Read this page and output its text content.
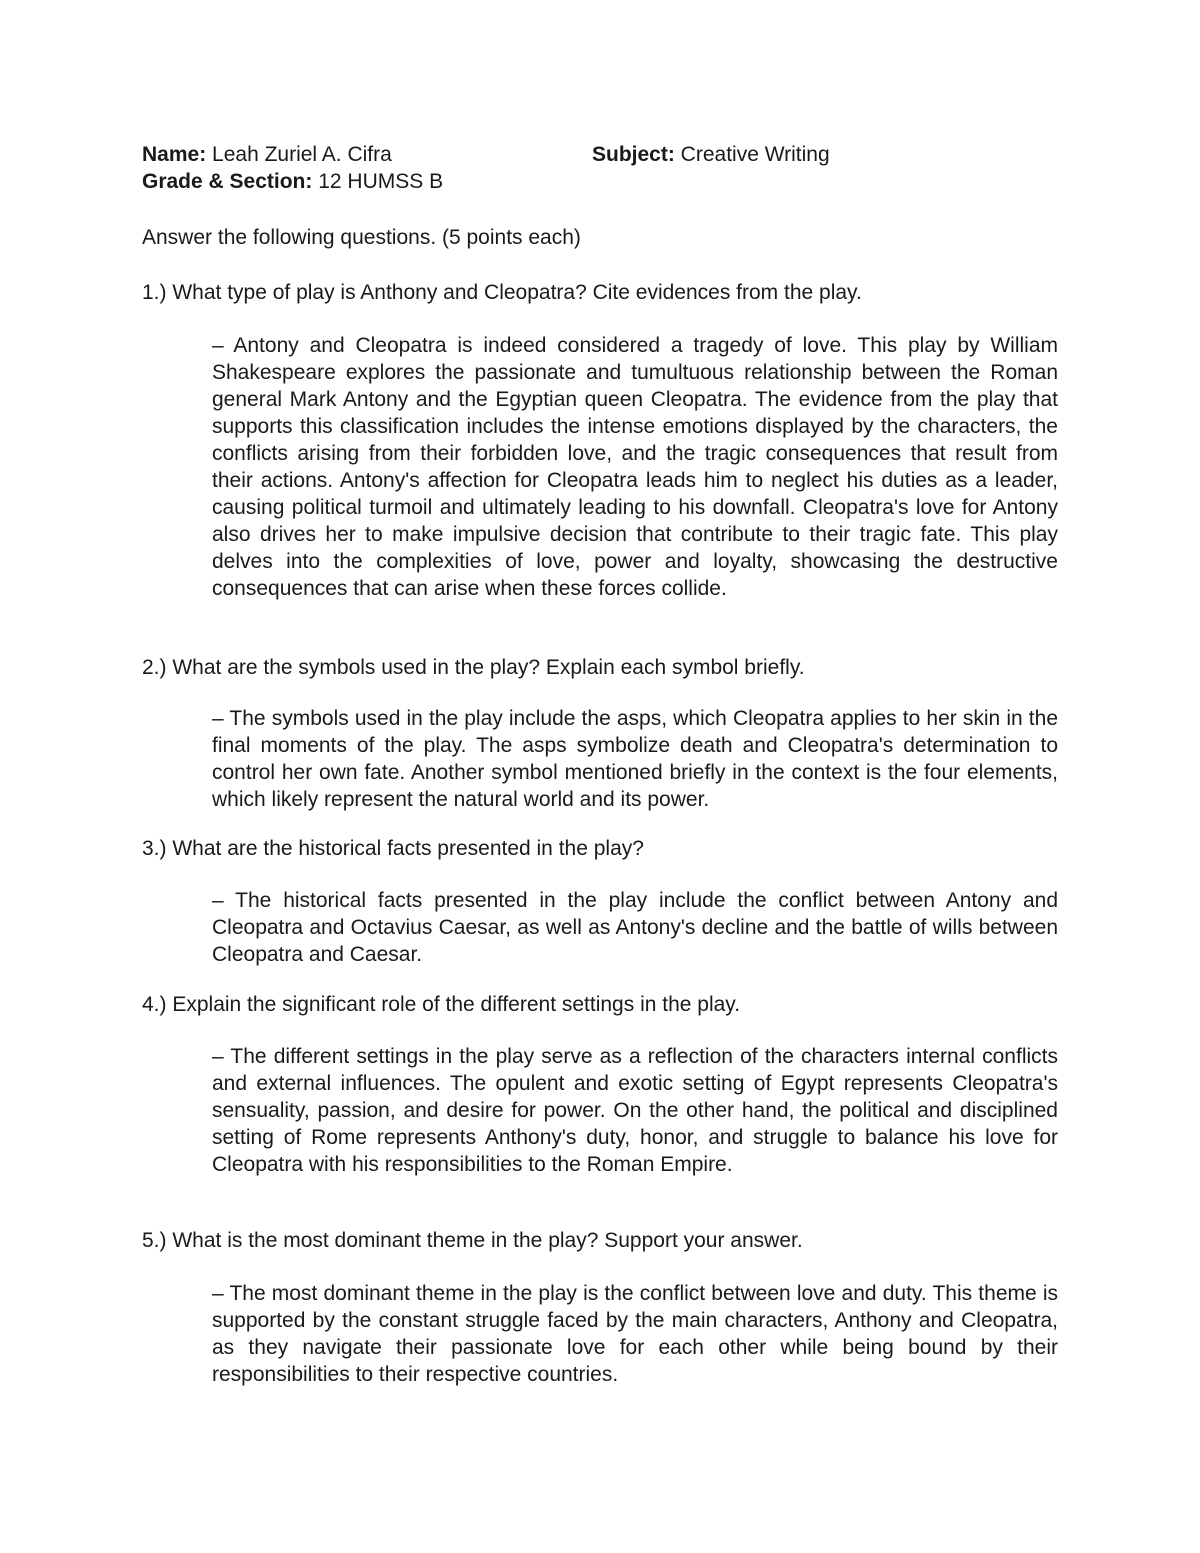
Name: Leah Zuriel A. Cifra	Subject: Creative Writing
Grade & Section: 12 HUMSS B
Answer the following questions. (5 points each)
1.) What type of play is Anthony and Cleopatra? Cite evidences from the play.
– Antony and Cleopatra is indeed considered a tragedy of love. This play by William Shakespeare explores the passionate and tumultuous relationship between the Roman general Mark Antony and the Egyptian queen Cleopatra. The evidence from the play that supports this classification includes the intense emotions displayed by the characters, the conflicts arising from their forbidden love, and the tragic consequences that result from their actions. Antony's affection for Cleopatra leads him to neglect his duties as a leader, causing political turmoil and ultimately leading to his downfall. Cleopatra's love for Antony also drives her to make impulsive decision that contribute to their tragic fate. This play delves into the complexities of love, power and loyalty, showcasing the destructive consequences that can arise when these forces collide.
2.) What are the symbols used in the play? Explain each symbol briefly.
– The symbols used in the play include the asps, which Cleopatra applies to her skin in the final moments of the play. The asps symbolize death and Cleopatra's determination to control her own fate. Another symbol mentioned briefly in the context is the four elements, which likely represent the natural world and its power.
3.) What are the historical facts presented in the play?
– The historical facts presented in the play include the conflict between Antony and Cleopatra and Octavius Caesar, as well as Antony's decline and the battle of wills between Cleopatra and Caesar.
4.) Explain the significant role of the different settings in the play.
– The different settings in the play serve as a reflection of the characters internal conflicts and external influences. The opulent and exotic setting of Egypt represents Cleopatra's sensuality, passion, and desire for power. On the other hand, the political and disciplined setting of Rome represents Anthony's duty, honor, and struggle to balance his love for Cleopatra with his responsibilities to the Roman Empire.
5.) What is the most dominant theme in the play? Support your answer.
– The most dominant theme in the play is the conflict between love and duty. This theme is supported by the constant struggle faced by the main characters, Anthony and Cleopatra, as they navigate their passionate love for each other while being bound by their responsibilities to their respective countries.
